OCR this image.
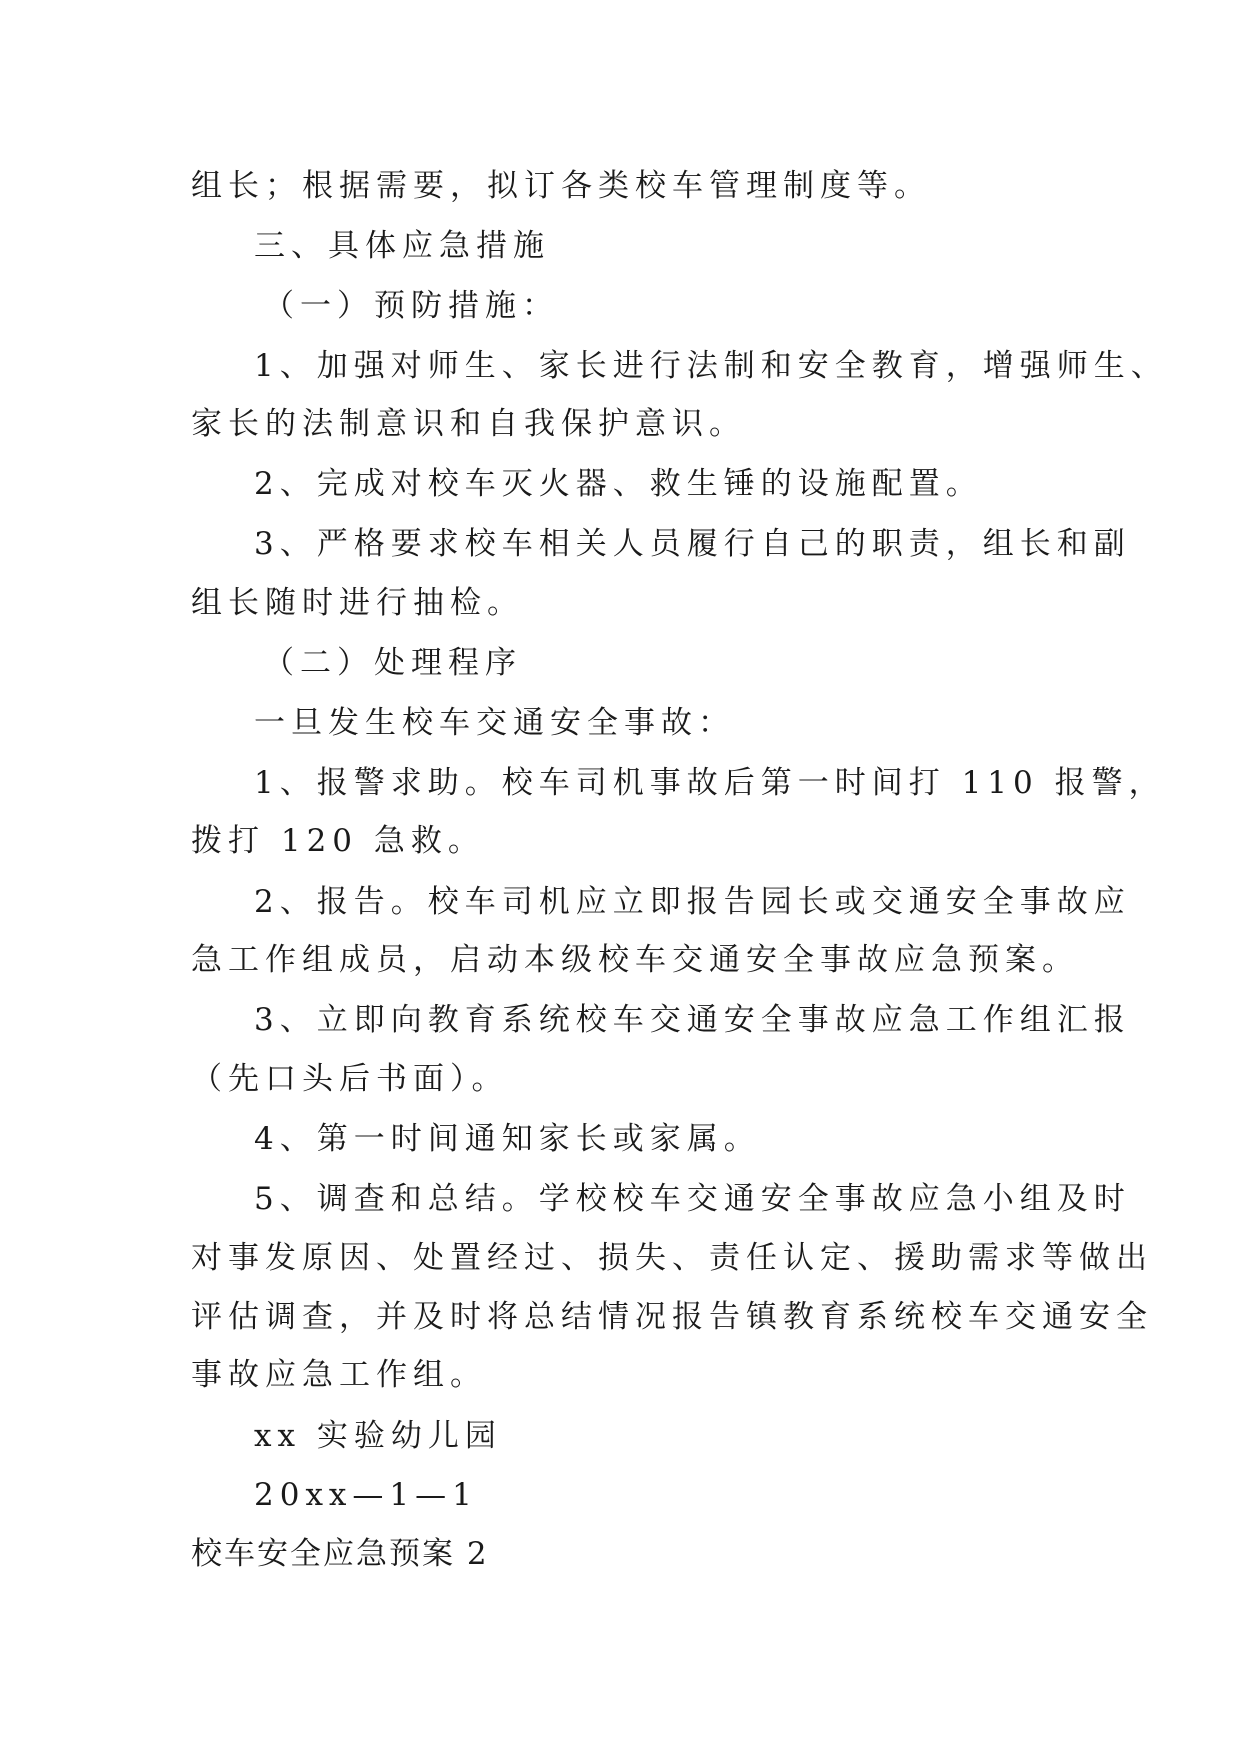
组长；根据需要，拟订各类校车管理制度等。
三、具体应急措施
（一）预防措施：
1、加强对师生、家长进行法制和安全教育，增强师生、
家长的法制意识和自我保护意识。
2、完成对校车灭火器、救生锤的设施配置。
3、严格要求校车相关人员履行自己的职责，组长和副
组长随时进行抽检。
（二）处理程序
一旦发生校车交通安全事故：
1、报警求助。校车司机事故后第一时间打 110 报警，
拨打 120 急救。
2、报告。校车司机应立即报告园长或交通安全事故应
急工作组成员，启动本级校车交通安全事故应急预案。
3、立即向教育系统校车交通安全事故应急工作组汇报
（先口头后书面）。
4、第一时间通知家长或家属。
5、调查和总结。学校校车交通安全事故应急小组及时
对事发原因、处置经过、损失、责任认定、援助需求等做出
评估调查，并及时将总结情况报告镇教育系统校车交通安全
事故应急工作组。
xx 实验幼儿园
20xx—1—1
校车安全应急预案 2
